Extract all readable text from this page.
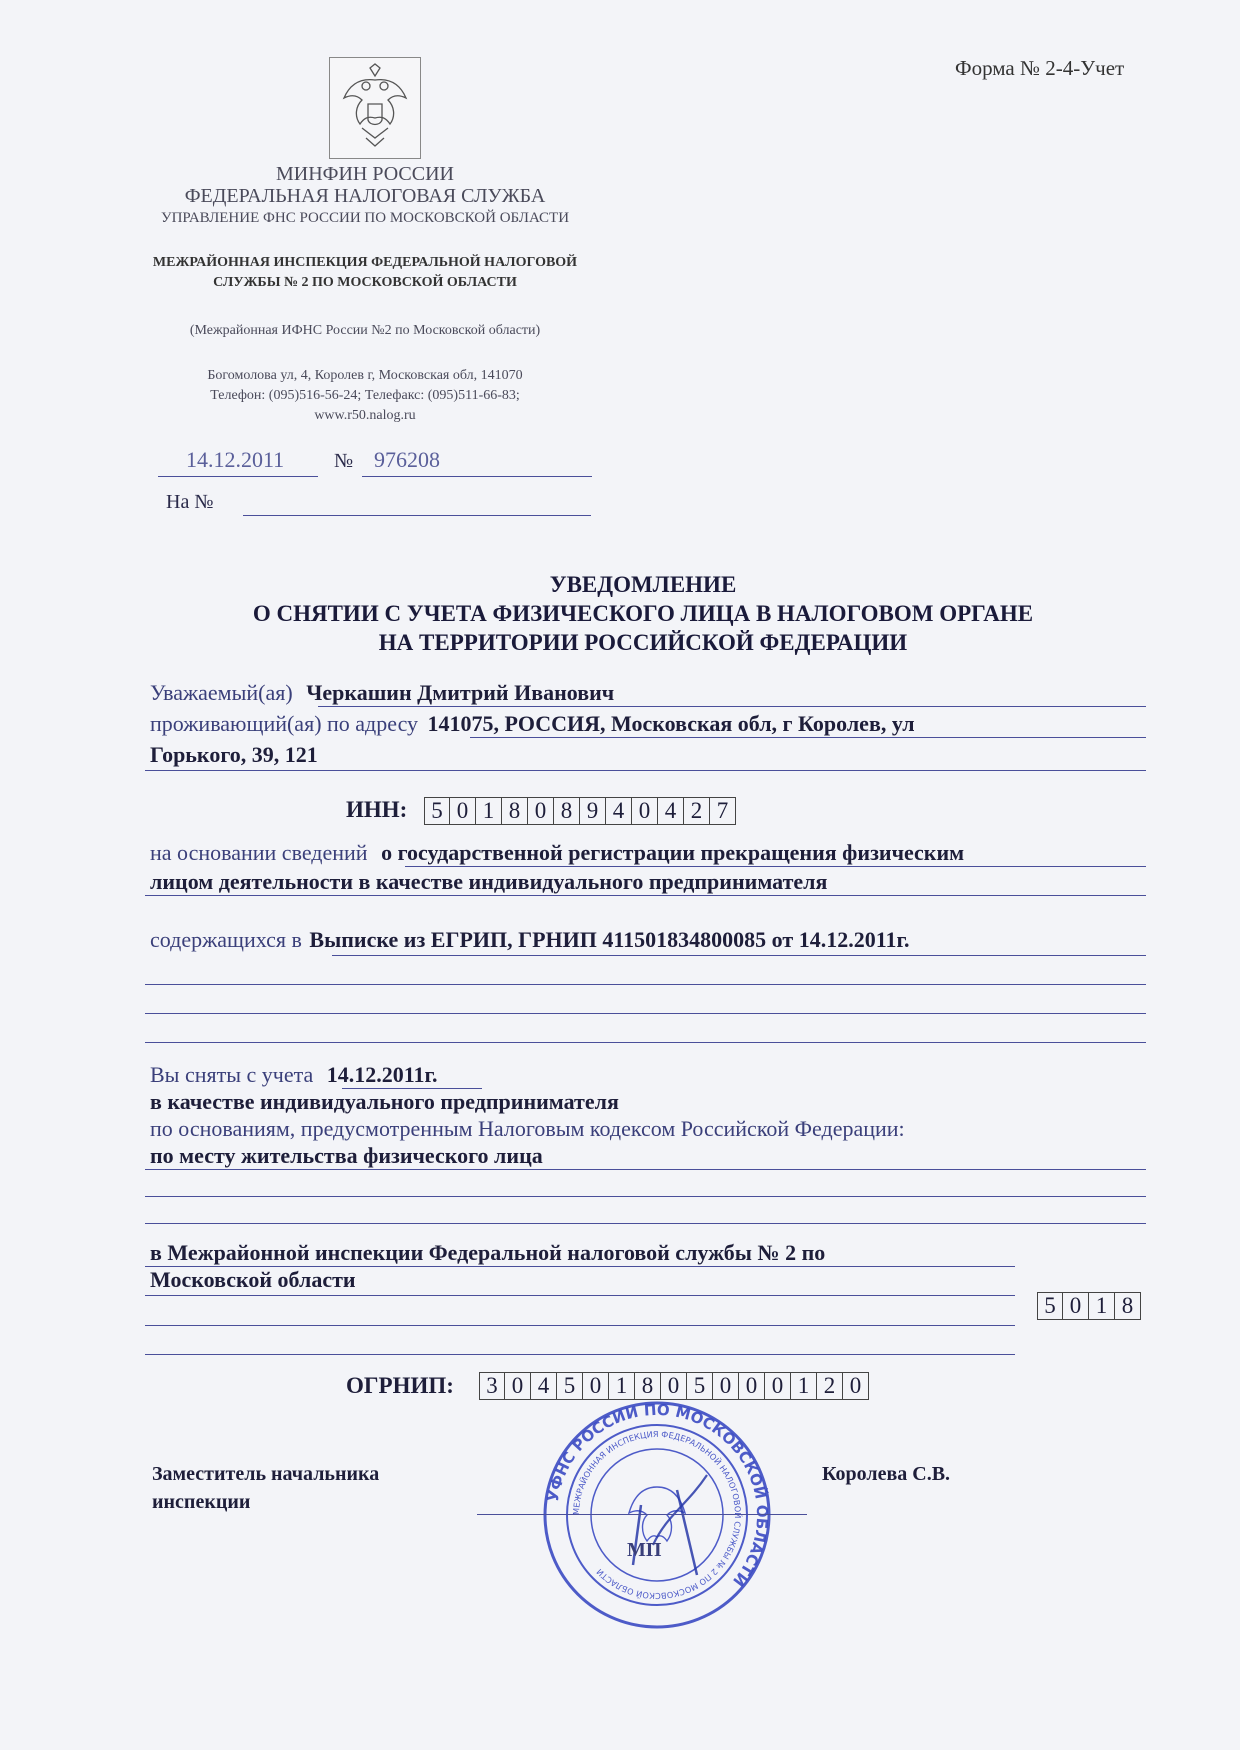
Форма № 2-4-Учет
МИНФИН РОССИИ
ФЕДЕРАЛЬНАЯ НАЛОГОВАЯ СЛУЖБА
УПРАВЛЕНИЕ ФНС РОССИИ ПО МОСКОВСКОЙ ОБЛАСТИ
МЕЖРАЙОННАЯ ИНСПЕКЦИЯ ФЕДЕРАЛЬНОЙ НАЛОГОВОЙ СЛУЖБЫ № 2 ПО МОСКОВСКОЙ ОБЛАСТИ
(Межрайонная ИФНС России №2 по Московской области)
Богомолова ул, 4, Королев г, Московская обл, 141070
Телефон: (095)516-56-24; Телефакс: (095)511-66-83;
www.r50.nalog.ru
14.12.2011	№ 976208
На №
УВЕДОМЛЕНИЕ
О СНЯТИИ С УЧЕТА ФИЗИЧЕСКОГО ЛИЦА В НАЛОГОВОМ ОРГАНЕ
НА ТЕРРИТОРИИ РОССИЙСКОЙ ФЕДЕРАЦИИ
Уважаемый(ая) Черкашин Дмитрий Иванович
проживающий(ая) по адресу 141075, РОССИЯ, Московская обл, г Королев, ул
Горького, 39, 121
ИНН:	5 0 1 8 0 8 9 4 0 4 2 7
на основании сведений о государственной регистрации прекращения физическим
лицом деятельности в качестве индивидуального предпринимателя
содержащихся в Выписке из ЕГРИП, ГРНИП 411501834800085 от 14.12.2011г.
Вы сняты с учета 14.12.2011г.
в качестве индивидуального предпринимателя
по основаниям, предусмотренным Налоговым кодексом Российской Федерации:
по месту жительства физического лица
в Межрайонной инспекции Федеральной налоговой службы № 2 по
Московской области
5 0 1 8
ОГРНИП:	3 0 4 5 0 1 8 0 5 0 0 0 1 2 0
УФНС РОССИИ ПО МОСКОВСКОЙ ОБЛАСТИ
МЕЖРАЙОННАЯ ИНСПЕКЦИЯ ФЕДЕРАЛЬНОЙ НАЛОГОВОЙ СЛУЖБЫ № 2 ПО МОСКОВСКОЙ ОБЛАСТИ
Заместитель начальника
инспекции
Королева С.В.
МП
